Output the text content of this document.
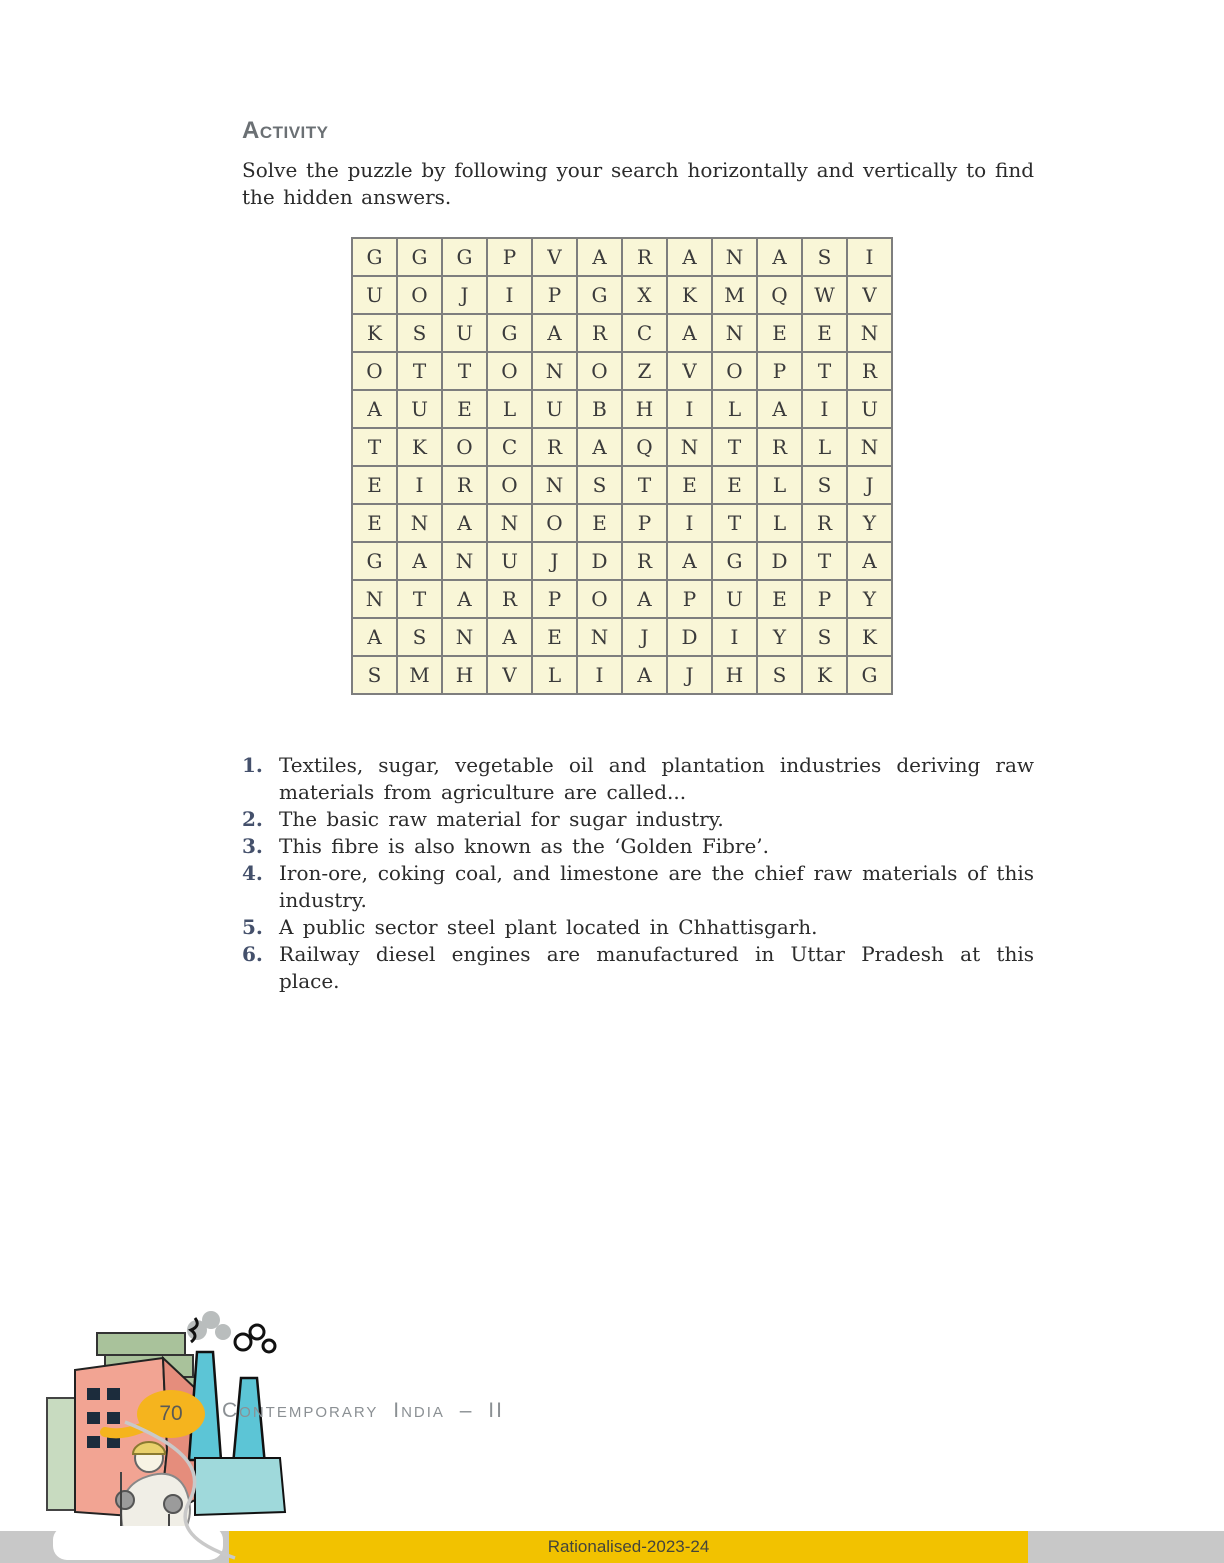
Activity

Solve the puzzle by following your search horizontally and vertically to find the hidden answers.

G	G	G	P	V	A	R	A	N	A	S	I
U	O	J	I	P	G	X	K	M	Q	W	V
K	S	U	G	A	R	C	A	N	E	E	N
O	T	T	O	N	O	Z	V	O	P	T	R
A	U	E	L	U	B	H	I	L	A	I	U
T	K	O	C	R	A	Q	N	T	R	L	N
E	I	R	O	N	S	T	E	E	L	S	J
E	N	A	N	O	E	P	I	T	L	R	Y
G	A	N	U	J	D	R	A	G	D	T	A
N	T	A	R	P	O	A	P	U	E	P	Y
A	S	N	A	E	N	J	D	I	Y	S	K
S	M	H	V	L	I	A	J	H	S	K	G
1. Textiles, sugar, vegetable oil and plantation industries deriving raw materials from agriculture are called...
2. The basic raw material for sugar industry.
3. This fibre is also known as the ‘Golden Fibre’.
4. Iron-ore, coking coal, and limestone are the chief raw materials of this industry.
5. A public sector steel plant located in Chhattisgarh.
6. Railway diesel engines are manufactured in Uttar Pradesh at this place.
Rationalised-2023-24
70	Contemporary India – II
